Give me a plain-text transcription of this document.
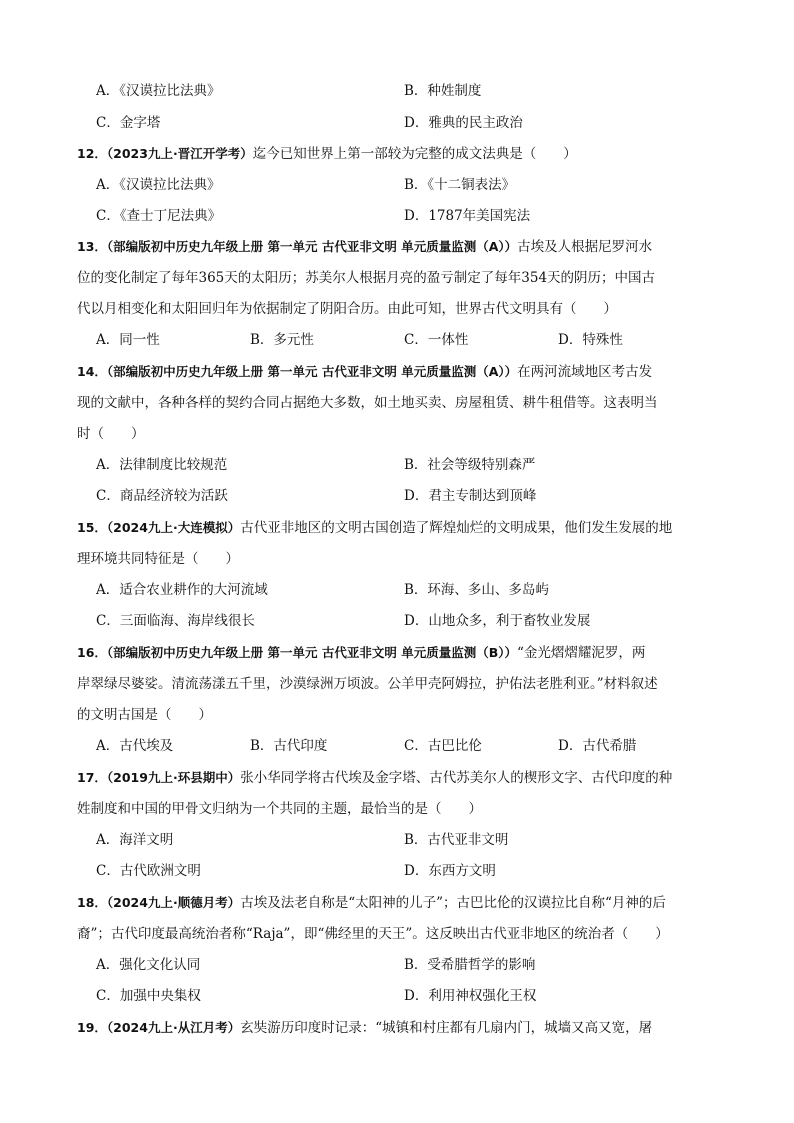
A．《汉谟拉比法典》	B．种姓制度
C．金字塔	D．雅典的民主政治
12．（2023九上·晋江开学考）迄今已知世界上第一部较为完整的成文法典是（　　）
A．《汉谟拉比法典》	B．《十二铜表法》
C．《查士丁尼法典》	D．1787年美国宪法
13．（部编版初中历史九年级上册 第一单元 古代亚非文明 单元质量监测（A））古埃及人根据尼罗河水
位的变化制定了每年365天的太阳历；苏美尔人根据月亮的盈亏制定了每年354天的阴历；中国古
代以月相变化和太阳回归年为依据制定了阴阳合历。由此可知，世界古代文明具有（　　）
A．同一性	B．多元性	C．一体性	D．特殊性
14．（部编版初中历史九年级上册 第一单元 古代亚非文明 单元质量监测（A））在两河流域地区考古发
现的文献中，各种各样的契约合同占据绝大多数，如土地买卖、房屋租赁、耕牛租借等。这表明当
时（　　）
A．法律制度比较规范	B．社会等级特别森严
C．商品经济较为活跃	D．君主专制达到顶峰
15．（2024九上·大连模拟）古代亚非地区的文明古国创造了辉煌灿烂的文明成果，他们发生发展的地
理环境共同特征是（　　）
A．适合农业耕作的大河流域	B．环海、多山、多岛屿
C．三面临海、海岸线很长	D．山地众多，利于畜牧业发展
16．（部编版初中历史九年级上册 第一单元 古代亚非文明 单元质量监测（B））“金光熠熠耀泥罗，两
岸翠绿尽婆娑。清流荡漾五千里，沙漠绿洲万顷波。公羊甲壳阿姆拉，护佑法老胜利亚。”材料叙述
的文明古国是（　　）
A．古代埃及	B．古代印度	C．古巴比伦	D．古代希腊
17．（2019九上·环县期中）张小华同学将古代埃及金字塔、古代苏美尔人的楔形文字、古代印度的种
姓制度和中国的甲骨文归纳为一个共同的主题，最恰当的是（　　）
A．海洋文明	B．古代亚非文明
C．古代欧洲文明	D．东西方文明
18．（2024九上·顺德月考）古埃及法老自称是“太阳神的儿子”；古巴比伦的汉谟拉比自称“月神的后
裔”；古代印度最高统治者称“Raja”，即“佛经里的天王”。这反映出古代亚非地区的统治者（　　）
A．强化文化认同	B．受希腊哲学的影响
C．加强中央集权	D．利用神权强化王权
19．（2024九上·从江月考）玄奘游历印度时记录：“城镇和村庄都有几扇内门，城墙又高又宽，屠
